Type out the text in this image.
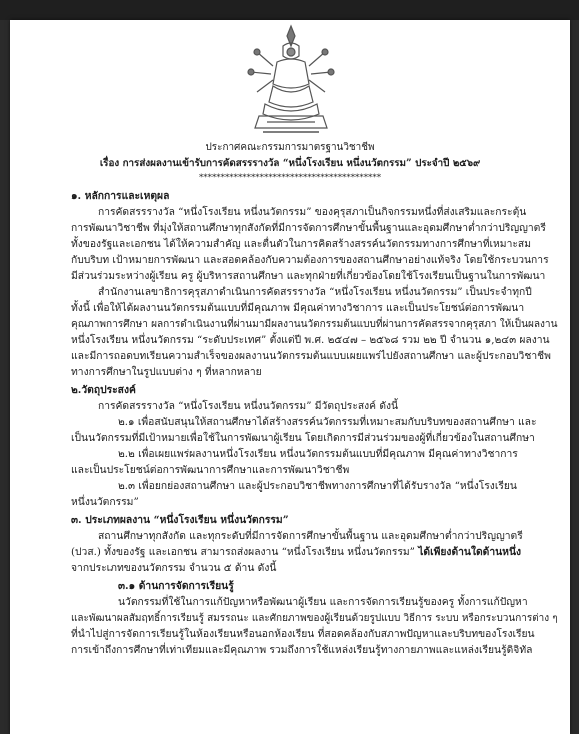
ประกาศคณะกรรมการมาตรฐานวิชาชีพ
เรื่อง การส่งผลงานเข้ารับการคัดสรรรางวัล “หนึ่งโรงเรียน หนึ่งนวัตกรรม” ประจำปี ๒๕๖๙
******************************************
๑. หลักการและเหตุผล
การคัดสรรรางวัล “หนึ่งโรงเรียน หนึ่งนวัตกรรม” ของคุรุสภาเป็นกิจกรรมหนึ่งที่ส่งเสริมและกระตุ้น
การพัฒนาวิชาชีพ ที่มุ่งให้สถานศึกษาทุกสังกัดที่มีการจัดการศึกษาขั้นพื้นฐานและอุดมศึกษาต่ำกว่าปริญญาตรี
ทั้งของรัฐและเอกชน ได้ให้ความสำคัญ และตื่นตัวในการคิดสร้างสรรค์นวัตกรรมทางการศึกษาที่เหมาะสม
กับบริบท เป้าหมายการพัฒนา และสอดคล้องกับความต้องการของสถานศึกษาอย่างแท้จริง โดยใช้กระบวนการ
มีส่วนร่วมระหว่างผู้เรียน ครู ผู้บริหารสถานศึกษา และทุกฝ่ายที่เกี่ยวข้องโดยใช้โรงเรียนเป็นฐานในการพัฒนา
สำนักงานเลขาธิการคุรุสภาดำเนินการคัดสรรรางวัล “หนึ่งโรงเรียน หนึ่งนวัตกรรม” เป็นประจำทุกปี
ทั้งนี้ เพื่อให้ได้ผลงานนวัตกรรมต้นแบบที่มีคุณภาพ มีคุณค่าทางวิชาการ และเป็นประโยชน์ต่อการพัฒนา
คุณภาพการศึกษา ผลการดำเนินงานที่ผ่านมามีผลงานนวัตกรรมต้นแบบที่ผ่านการคัดสรรจากคุรุสภา ให้เป็นผลงาน
หนึ่งโรงเรียน หนึ่งนวัตกรรม “ระดับประเทศ” ตั้งแต่ปี พ.ศ. ๒๕๔๗ – ๒๕๖๘ รวม ๒๒ ปี จำนวน ๑,๒๔๓ ผลงาน
และมีการถอดบทเรียนความสำเร็จของผลงานนวัตกรรมต้นแบบเผยแพร่ไปยังสถานศึกษา และผู้ประกอบวิชาชีพ
ทางการศึกษาในรูปแบบต่าง ๆ ที่หลากหลาย
๒.วัตถุประสงค์
การคัดสรรรางวัล “หนึ่งโรงเรียน หนึ่งนวัตกรรม” มีวัตถุประสงค์ ดังนี้
๒.๑ เพื่อสนับสนุนให้สถานศึกษาได้สร้างสรรค์นวัตกรรมที่เหมาะสมกับบริบทของสถานศึกษา และ
เป็นนวัตกรรมที่มีเป้าหมายเพื่อใช้ในการพัฒนาผู้เรียน โดยเกิดการมีส่วนร่วมของผู้ที่เกี่ยวข้องในสถานศึกษา
๒.๒ เพื่อเผยแพร่ผลงานหนึ่งโรงเรียน หนึ่งนวัตกรรมต้นแบบที่มีคุณภาพ มีคุณค่าทางวิชาการ
และเป็นประโยชน์ต่อการพัฒนาการศึกษาและการพัฒนาวิชาชีพ
๒.๓ เพื่อยกย่องสถานศึกษา และผู้ประกอบวิชาชีพทางการศึกษาที่ได้รับรางวัล “หนึ่งโรงเรียน
หนึ่งนวัตกรรม”
๓. ประเภทผลงาน “หนึ่งโรงเรียน หนึ่งนวัตกรรม”
สถานศึกษาทุกสังกัด และทุกระดับที่มีการจัดการศึกษาขั้นพื้นฐาน และอุดมศึกษาต่ำกว่าปริญญาตรี
(ปวส.) ทั้งของรัฐ และเอกชน สามารถส่งผลงาน “หนึ่งโรงเรียน หนึ่งนวัตกรรม” ได้เพียงด้านใดด้านหนึ่ง
จากประเภทของนวัตกรรม จำนวน ๕ ด้าน ดังนี้
๓.๑ ด้านการจัดการเรียนรู้
นวัตกรรมที่ใช้ในการแก้ปัญหาหรือพัฒนาผู้เรียน และการจัดการเรียนรู้ของครู ทั้งการแก้ปัญหา
และพัฒนาผลสัมฤทธิ์การเรียนรู้ สมรรถนะ และศักยภาพของผู้เรียนด้วยรูปแบบ วิธีการ ระบบ หรือกระบวนการต่าง ๆ
ที่นำไปสู่การจัดการเรียนรู้ในห้องเรียนหรือนอกห้องเรียน ที่สอดคล้องกับสภาพปัญหาและบริบทของโรงเรียน
การเข้าถึงการศึกษาที่เท่าเทียมและมีคุณภาพ รวมถึงการใช้แหล่งเรียนรู้ทางกายภาพและแหล่งเรียนรู้ดิจิทัล
